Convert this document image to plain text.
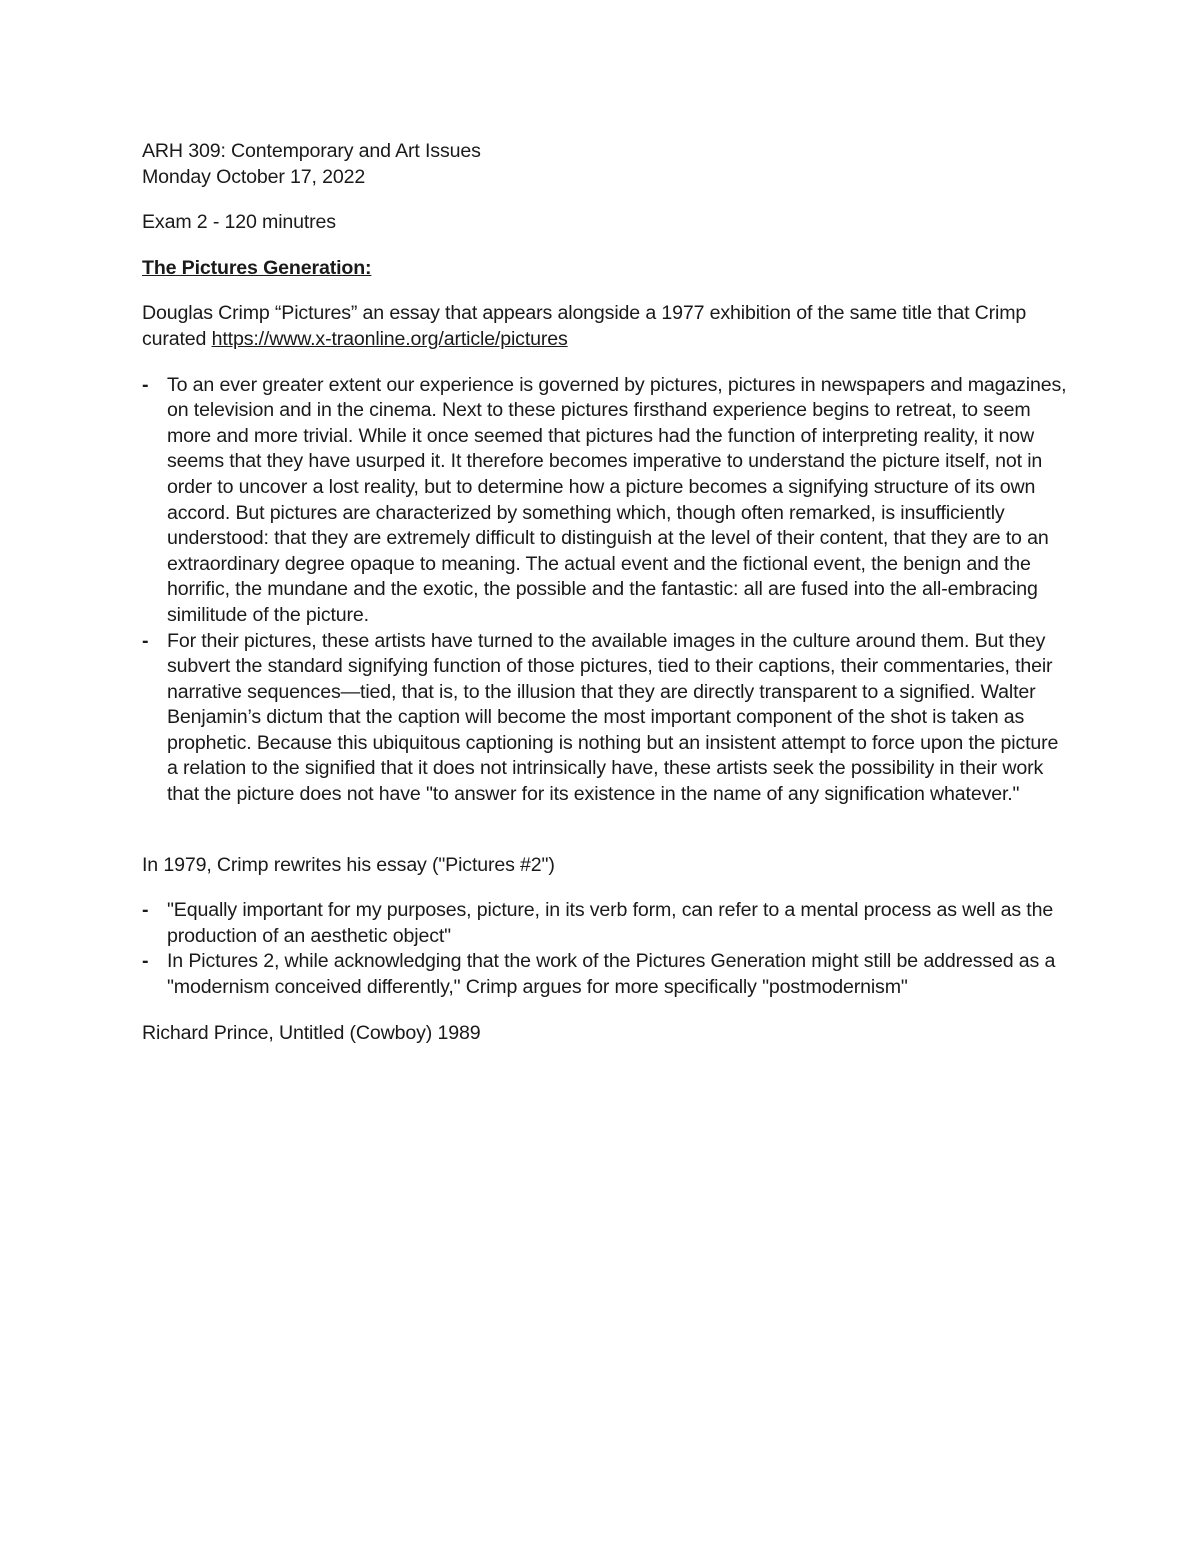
ARH 309: Contemporary and Art Issues
Monday October 17, 2022
Exam 2 - 120 minutres
The Pictures Generation:
Douglas Crimp “Pictures” an essay that appears alongside a 1977 exhibition of the same title that Crimp curated https://www.x-traonline.org/article/pictures
- To an ever greater extent our experience is governed by pictures, pictures in newspapers and magazines, on television and in the cinema. Next to these pictures firsthand experience begins to retreat, to seem more and more trivial. While it once seemed that pictures had the function of interpreting reality, it now seems that they have usurped it. It therefore becomes imperative to understand the picture itself, not in order to uncover a lost reality, but to determine how a picture becomes a signifying structure of its own accord. But pictures are characterized by something which, though often remarked, is insufficiently understood: that they are extremely difficult to distinguish at the level of their content, that they are to an extraordinary degree opaque to meaning. The actual event and the fictional event, the benign and the horrific, the mundane and the exotic, the possible and the fantastic: all are fused into the all-embracing similitude of the picture.
- For their pictures, these artists have turned to the available images in the culture around them. But they subvert the standard signifying function of those pictures, tied to their captions, their commentaries, their narrative sequences—tied, that is, to the illusion that they are directly transparent to a signified. Walter Benjamin’s dictum that the caption will become the most important component of the shot is taken as prophetic. Because this ubiquitous captioning is nothing but an insistent attempt to force upon the picture a relation to the signified that it does not intrinsically have, these artists seek the possibility in their work that the picture does not have "to answer for its existence in the name of any signification whatever."
In 1979, Crimp rewrites his essay ("Pictures #2")
- "Equally important for my purposes, picture, in its verb form, can refer to a mental process as well as the production of an aesthetic object"
- In Pictures 2, while acknowledging that the work of the Pictures Generation might still be addressed as a "modernism conceived differently," Crimp argues for more specifically "postmodernism"
Richard Prince, Untitled (Cowboy) 1989
